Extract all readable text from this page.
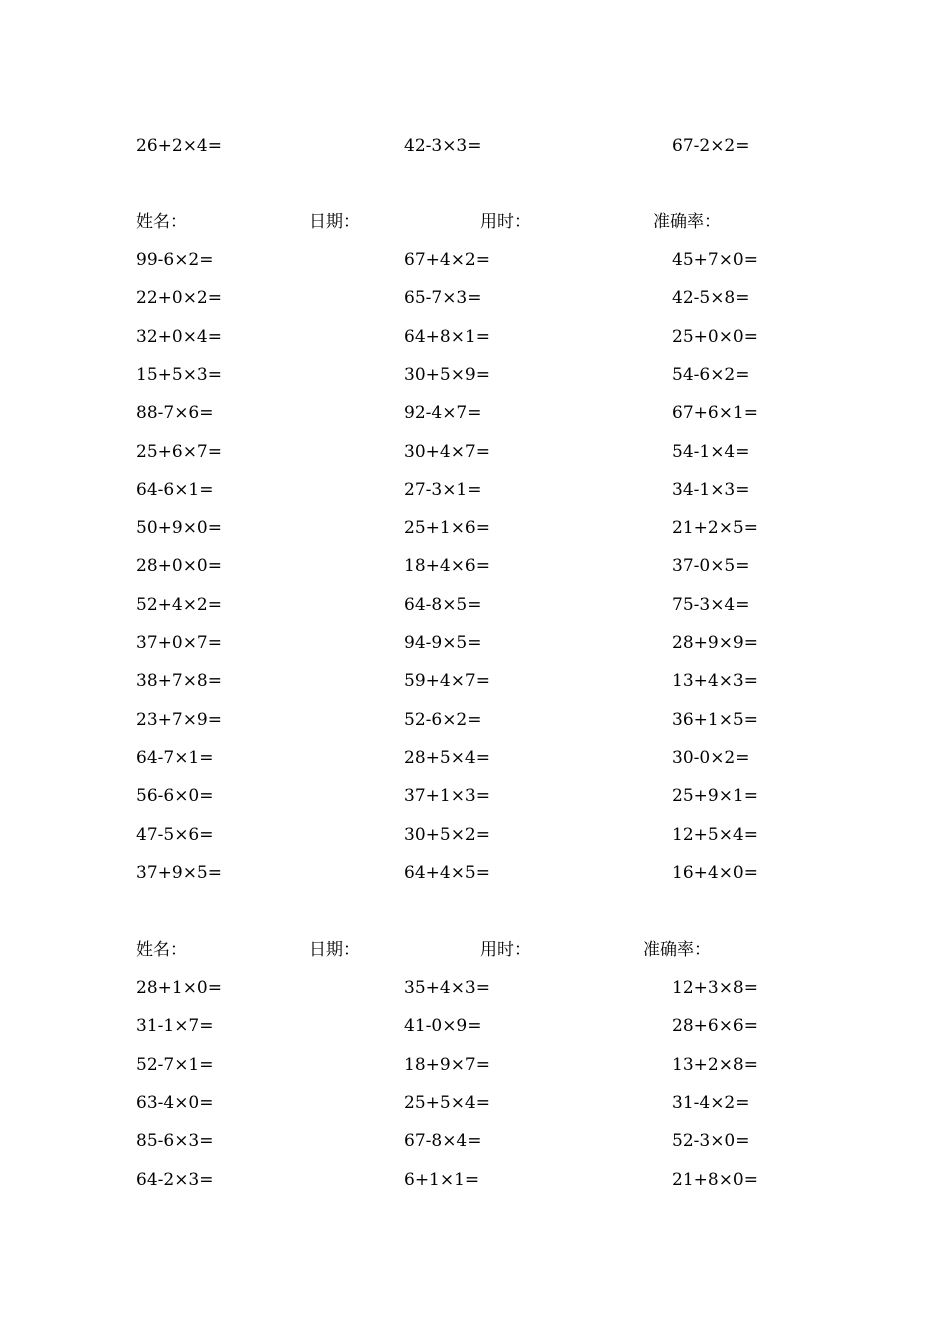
26+2×4=	42-3×3=	67-2×2=
姓名：	日期：	用时：	准确率：
99-6×2=	67+4×2=	45+7×0=
22+0×2=	65-7×3=	42-5×8=
32+0×4=	64+8×1=	25+0×0=
15+5×3=	30+5×9=	54-6×2=
88-7×6=	92-4×7=	67+6×1=
25+6×7=	30+4×7=	54-1×4=
64-6×1=	27-3×1=	34-1×3=
50+9×0=	25+1×6=	21+2×5=
28+0×0=	18+4×6=	37-0×5=
52+4×2=	64-8×5=	75-3×4=
37+0×7=	94-9×5=	28+9×9=
38+7×8=	59+4×7=	13+4×3=
23+7×9=	52-6×2=	36+1×5=
64-7×1=	28+5×4=	30-0×2=
56-6×0=	37+1×3=	25+9×1=
47-5×6=	30+5×2=	12+5×4=
37+9×5=	64+4×5=	16+4×0=
姓名：	日期：	用时：	准确率：
28+1×0=	35+4×3=	12+3×8=
31-1×7=	41-0×9=	28+6×6=
52-7×1=	18+9×7=	13+2×8=
63-4×0=	25+5×4=	31-4×2=
85-6×3=	67-8×4=	52-3×0=
64-2×3=	6+1×1=	21+8×0=
